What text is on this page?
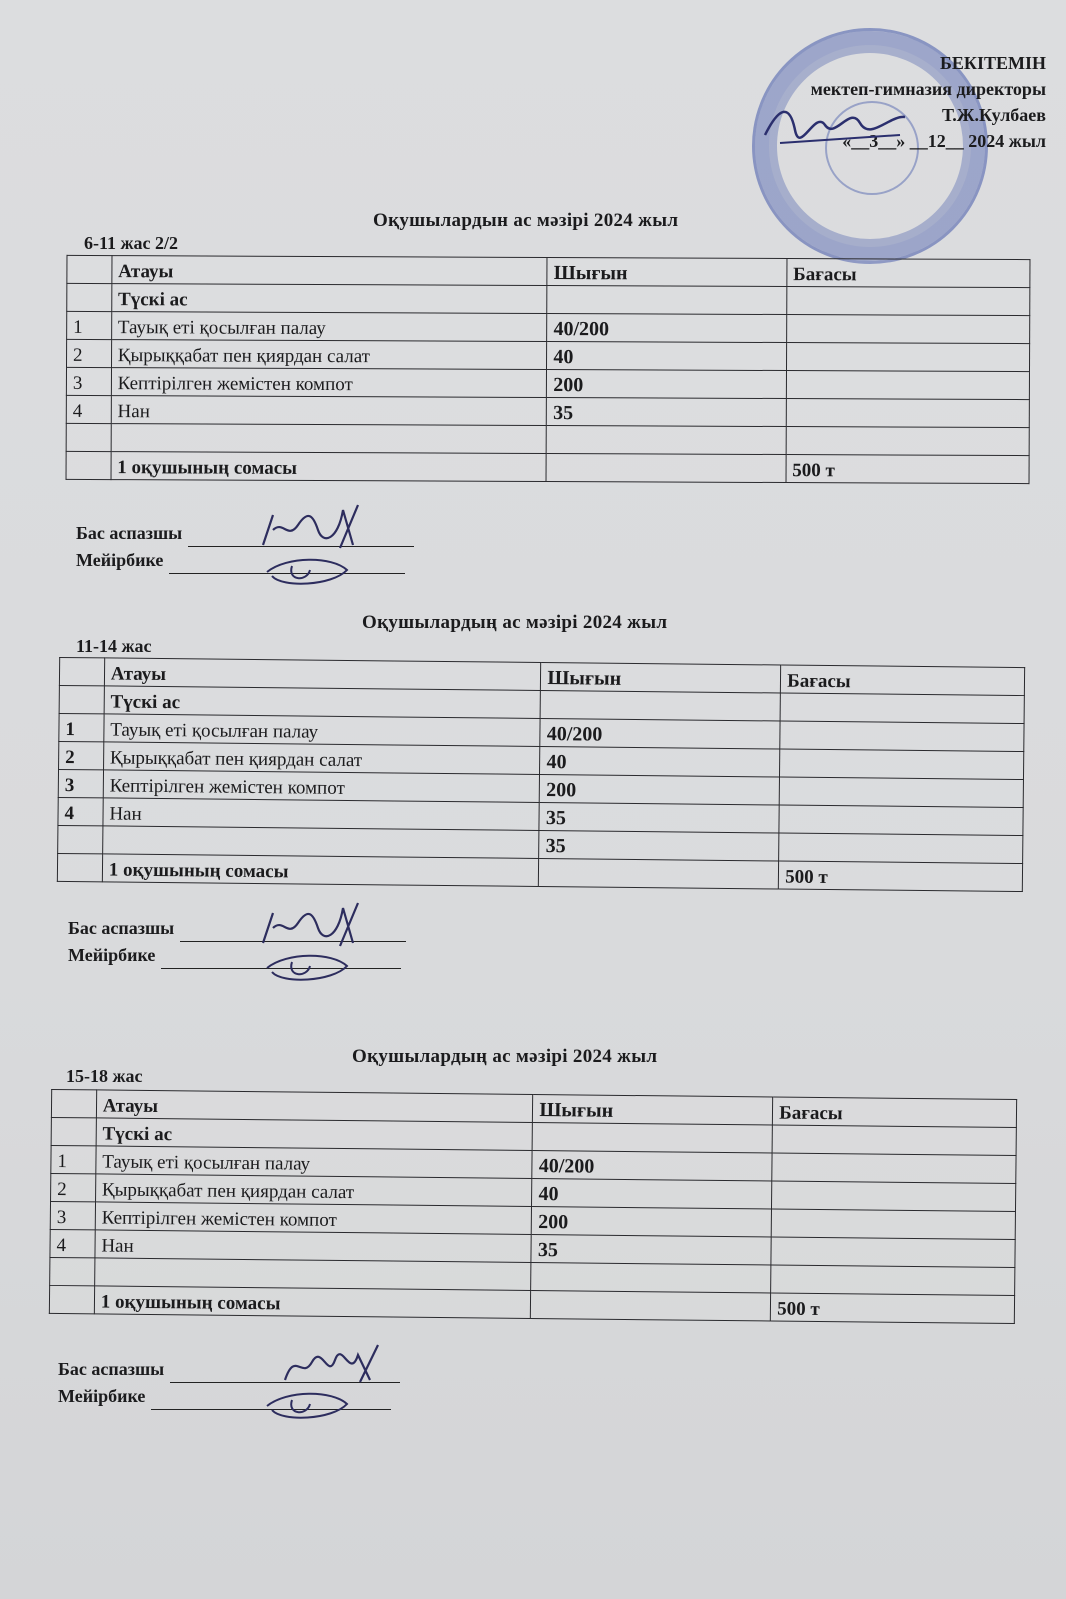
БЕКІТЕМІН
мектеп-гимназия директоры
Т.Ж.Кулбаев
«__3__» __12__ 2024 жыл
Оқушылардын ас мәзірі 2024 жыл
6-11 жас 2/2
	Атауы	Шығын	Бағасы
	Түскі ас		
1	Тауық еті қосылған палау	40/200	
2	Қырыққабат пен қиярдан салат	40	
3	Кептірілген жемістен компот	200	
4	Нан	35	

	1 оқушының сомасы		500 т
Бас аспазшы
Мейірбике
Оқушылардың ас мәзірі 2024 жыл
11-14 жас
	Атауы	Шығын	Бағасы
	Түскі ас		
1	Тауық еті қосылған палау	40/200	
2	Қырыққабат пен қиярдан салат	40	
3	Кептірілген жемістен компот	200	
4	Нан	35	
		35	
	1 оқушының сомасы		500 т
Бас аспазшы
Мейірбике
Оқушылардың ас мәзірі 2024 жыл
15-18 жас
	Атауы	Шығын	Бағасы
	Түскі ас		
1	Тауық еті қосылған палау	40/200	
2	Қырыққабат пен қиярдан салат	40	
3	Кептірілген жемістен компот	200	
4	Нан	35	

	1 оқушының сомасы		500 т
Бас аспазшы
Мейірбике
